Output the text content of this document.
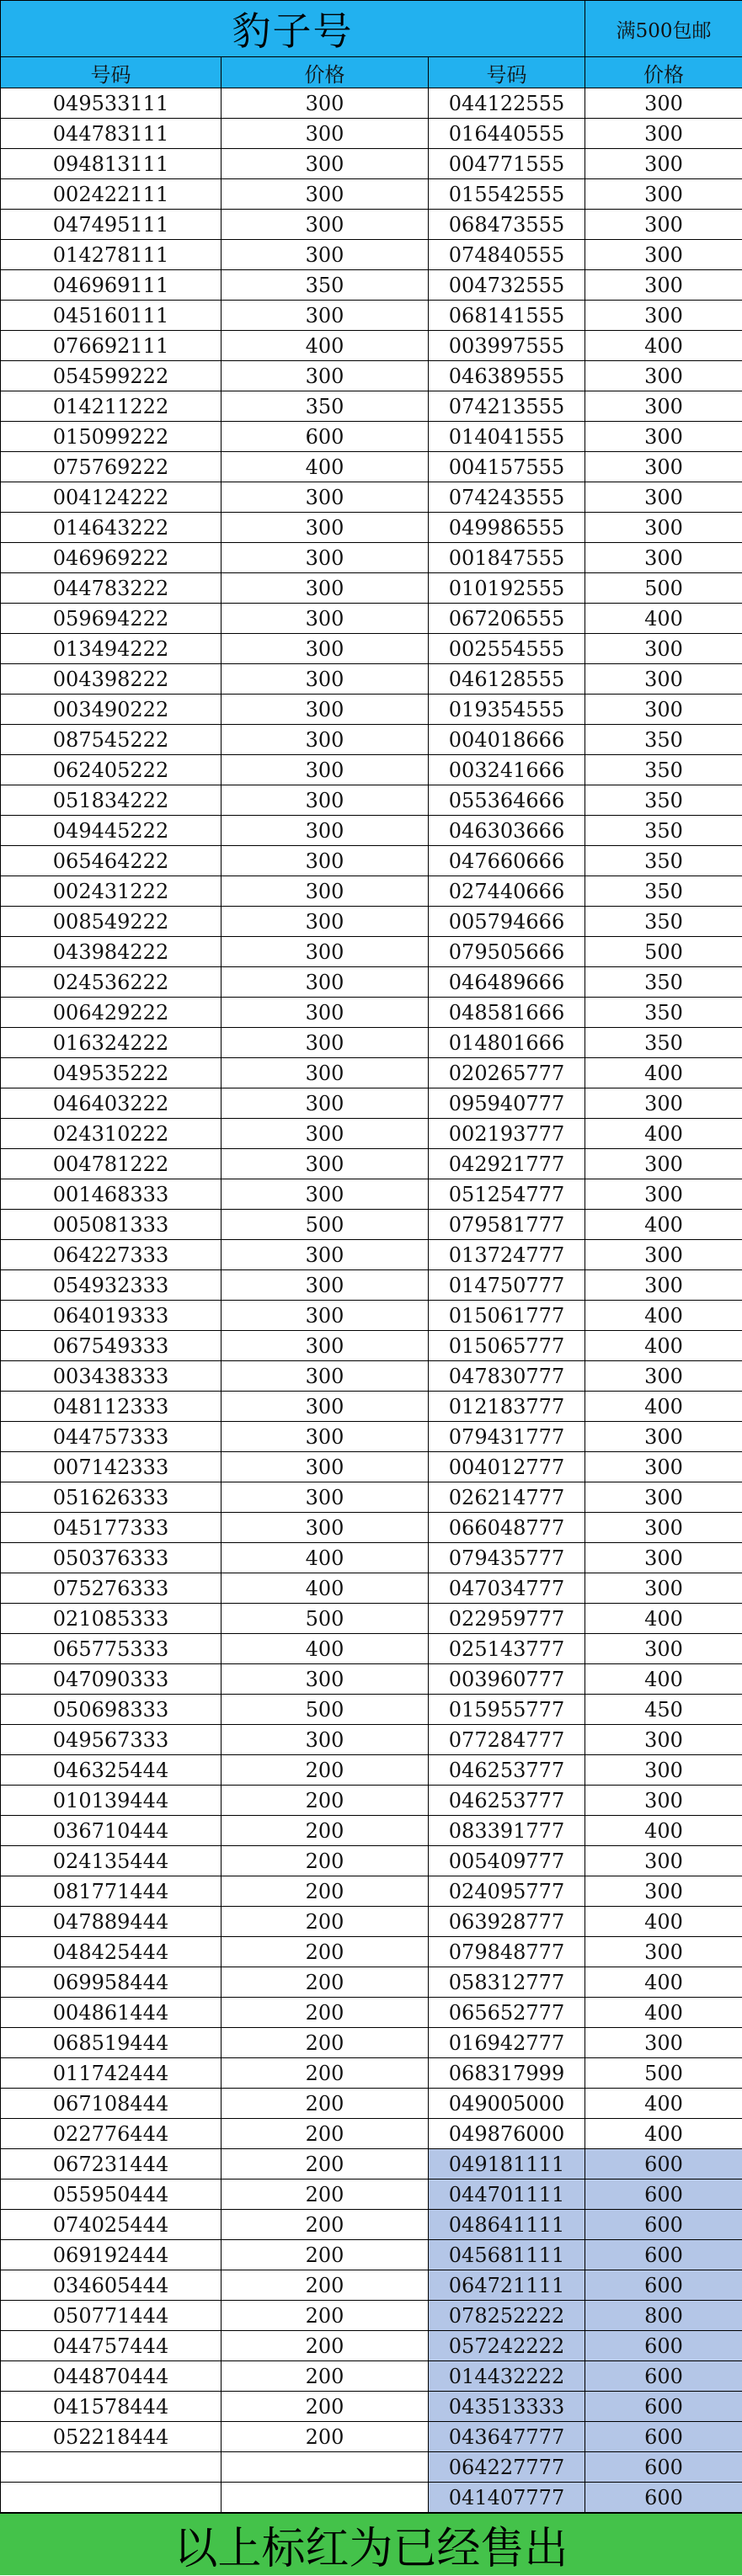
豹子号			满500包邮
号码	价格	号码	价格
049533111	300	044122555	300
044783111	300	016440555	300
094813111	300	004771555	300
002422111	300	015542555	300
047495111	300	068473555	300
014278111	300	074840555	300
046969111	350	004732555	300
045160111	300	068141555	300
076692111	400	003997555	400
054599222	300	046389555	300
014211222	350	074213555	300
015099222	600	014041555	300
075769222	400	004157555	300
004124222	300	074243555	300
014643222	300	049986555	300
046969222	300	001847555	300
044783222	300	010192555	500
059694222	300	067206555	400
013494222	300	002554555	300
004398222	300	046128555	300
003490222	300	019354555	300
087545222	300	004018666	350
062405222	300	003241666	350
051834222	300	055364666	350
049445222	300	046303666	350
065464222	300	047660666	350
002431222	300	027440666	350
008549222	300	005794666	350
043984222	300	079505666	500
024536222	300	046489666	350
006429222	300	048581666	350
016324222	300	014801666	350
049535222	300	020265777	400
046403222	300	095940777	300
024310222	300	002193777	400
004781222	300	042921777	300
001468333	300	051254777	300
005081333	500	079581777	400
064227333	300	013724777	300
054932333	300	014750777	300
064019333	300	015061777	400
067549333	300	015065777	400
003438333	300	047830777	300
048112333	300	012183777	400
044757333	300	079431777	300
007142333	300	004012777	300
051626333	300	026214777	300
045177333	300	066048777	300
050376333	400	079435777	300
075276333	400	047034777	300
021085333	500	022959777	400
065775333	400	025143777	300
047090333	300	003960777	400
050698333	500	015955777	450
049567333	300	077284777	300
046325444	200	046253777	300
010139444	200	046253777	300
036710444	200	083391777	400
024135444	200	005409777	300
081771444	200	024095777	300
047889444	200	063928777	400
048425444	200	079848777	300
069958444	200	058312777	400
004861444	200	065652777	400
068519444	200	016942777	300
011742444	200	068317999	500
067108444	200	049005000	400
022776444	200	049876000	400
067231444	200	049181111	600
055950444	200	044701111	600
074025444	200	048641111	600
069192444	200	045681111	600
034605444	200	064721111	600
050771444	200	078252222	800
044757444	200	057242222	600
044870444	200	014432222	600
041578444	200	043513333	600
052218444	200	043647777	600
		064227777	600
		041407777	600
以上标红为已经售出
